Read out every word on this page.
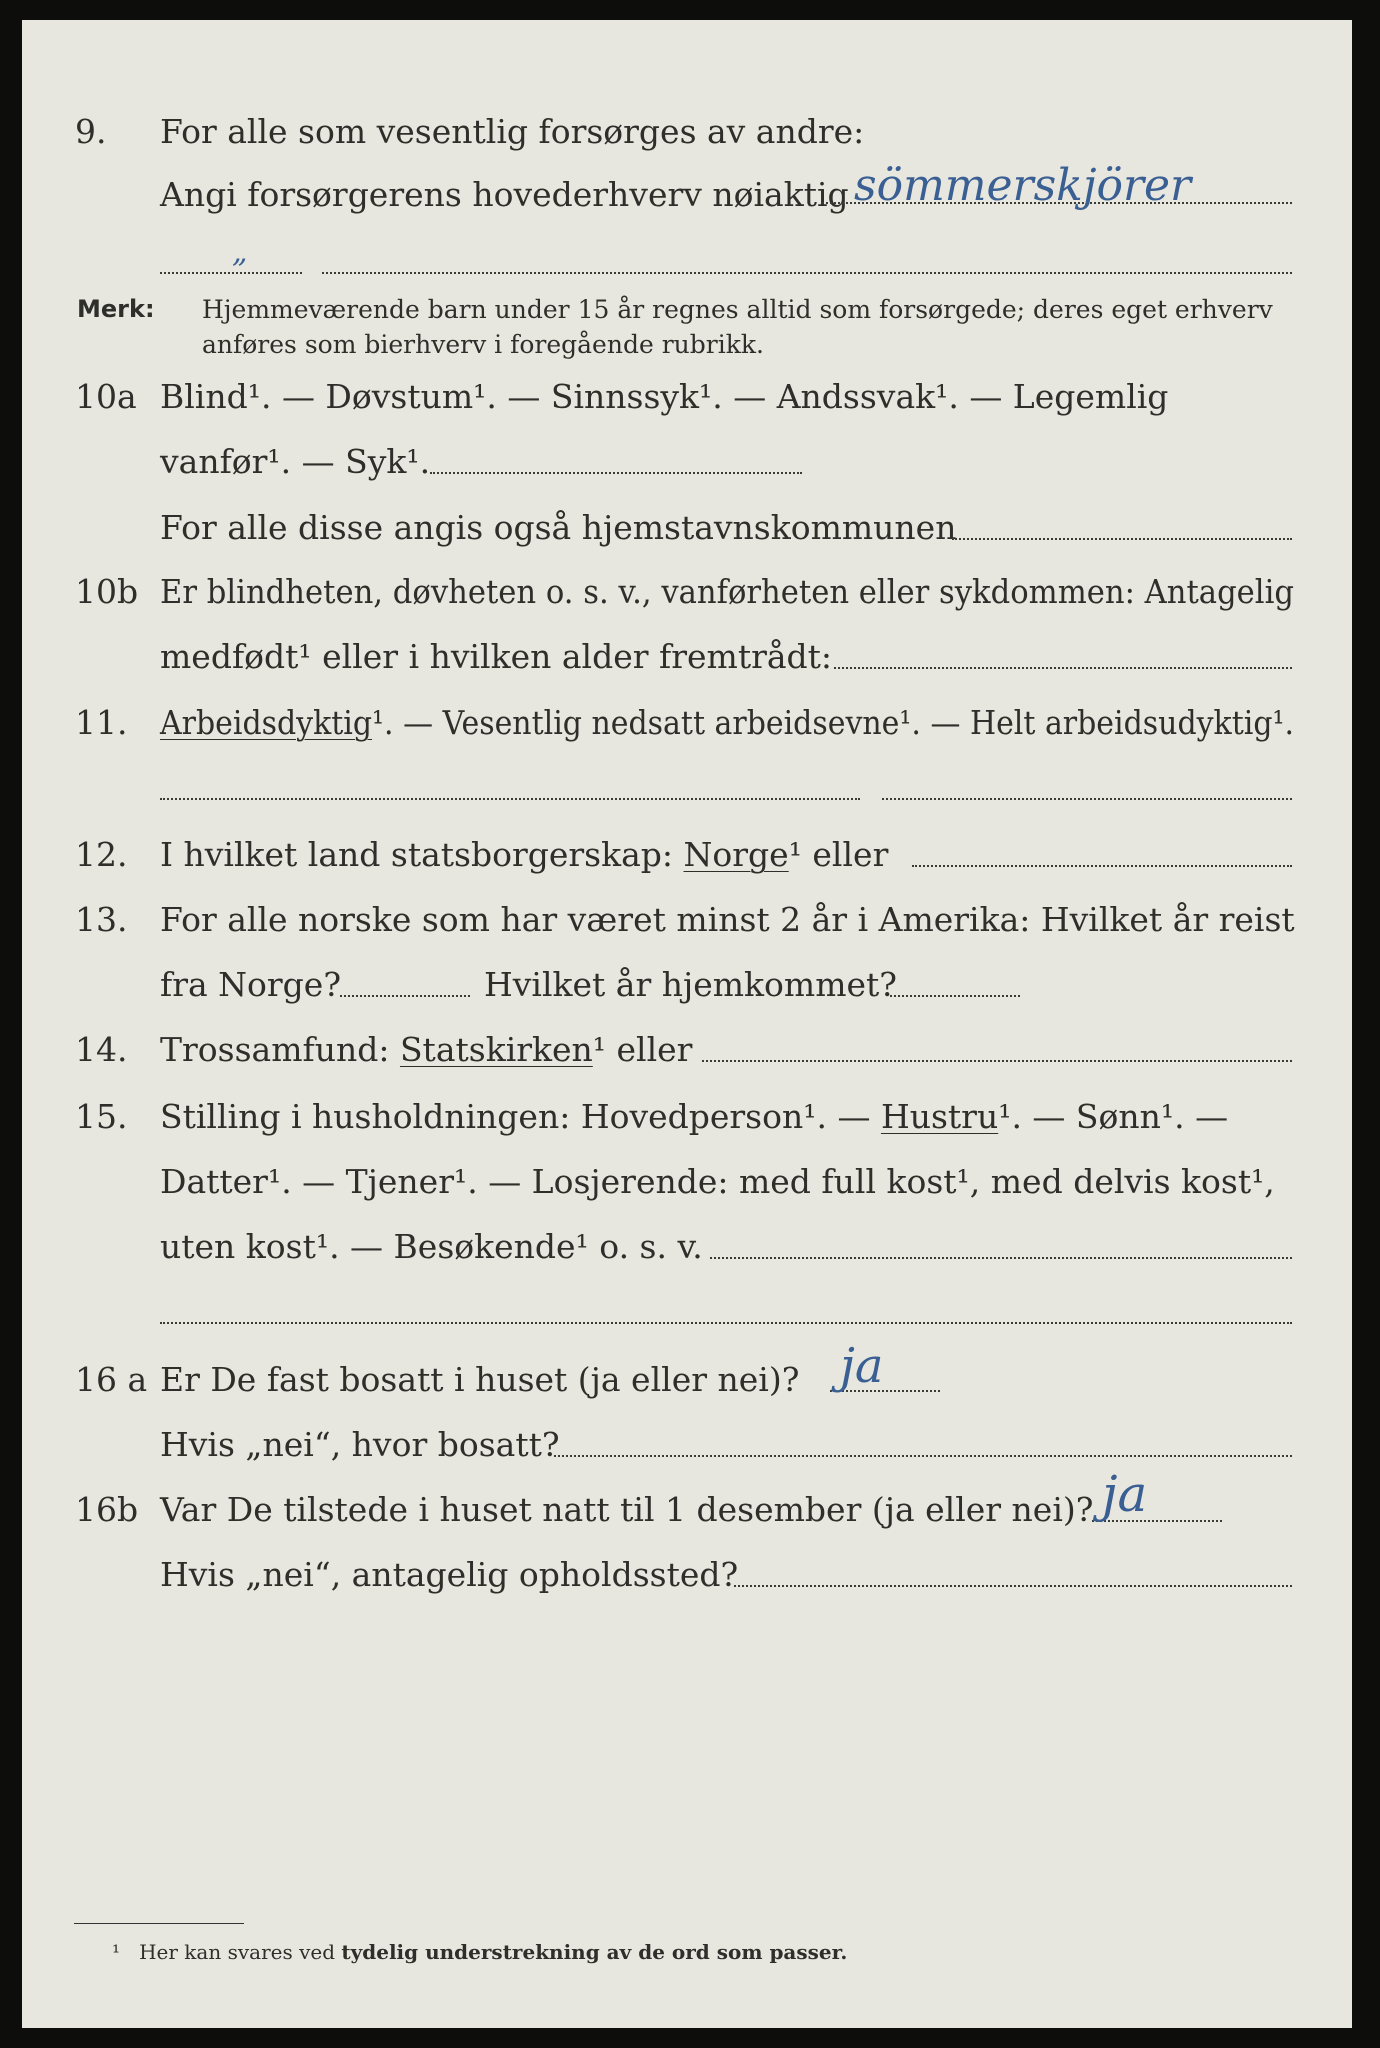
9. For alle som vesentlig forsørges av andre:
Angi forsørgerens hovederhverv nøiaktig sömmerskjörer
„
Merk: Hjemmeværende barn under 15 år regnes alltid som forsørgede; deres eget erhverv
anføres som bierhverv i foregående rubrikk.
10a Blind¹. — Døvstum¹. — Sinnssyk¹. — Andssvak¹. — Legemlig
vanfør¹. — Syk¹.
For alle disse angis også hjemstavnskommunen
10b Er blindheten, døvheten o. s. v., vanførheten eller sykdommen: Antagelig
medfødt¹ eller i hvilken alder fremtrådt:
11. Arbeidsdyktig¹. — Vesentlig nedsatt arbeidsevne¹. — Helt arbeidsudyktig¹.
12. I hvilket land statsborgerskap: Norge¹ eller
13. For alle norske som har været minst 2 år i Amerika: Hvilket år reist
fra Norge?	Hvilket år hjemkommet?
14. Trossamfund: Statskirken¹ eller
15. Stilling i husholdningen: Hovedperson¹. — Hustru¹. — Sønn¹. —
Datter¹. — Tjener¹. — Losjerende: med full kost¹, med delvis kost¹,
uten kost¹. — Besøkende¹ o. s. v.
16 a Er De fast bosatt i huset (ja eller nei)? ja
Hvis „nei“, hvor bosatt?
16b Var De tilstede i huset natt til 1 desember (ja eller nei)? ja
Hvis „nei“, antagelig opholdssted?
¹ Her kan svares ved tydelig understrekning av de ord som passer.
